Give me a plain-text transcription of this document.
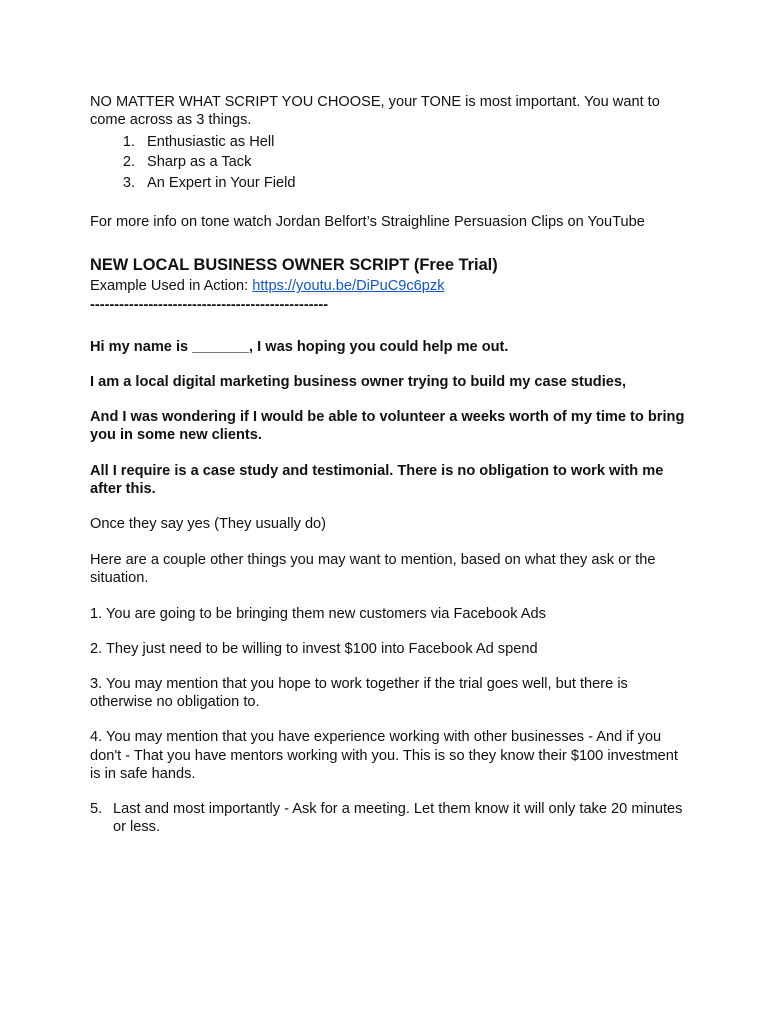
NO MATTER WHAT SCRIPT YOU CHOOSE, your TONE is most important. You want to come across as 3 things.

1. Enthusiastic as Hell
2. Sharp as a Tack
3. An Expert in Your Field

For more info on tone watch Jordan Belfort’s Straighline Persuasion Clips on YouTube

NEW LOCAL BUSINESS OWNER SCRIPT (Free Trial)

Example Used in Action: https://youtu.be/DiPuC9c6pzk

-------------------------------------------------

Hi my name is _______, I was hoping you could help me out.

I am a local digital marketing business owner trying to build my case studies,

And I was wondering if I would be able to volunteer a weeks worth of my time to bring you in some new clients.

All I require is a case study and testimonial. There is no obligation to work with me after this.

Once they say yes (They usually do)

Here are a couple other things you may want to mention, based on what they ask or the situation.

1. You are going to be bringing them new customers via Facebook Ads

2. They just need to be willing to invest $100 into Facebook Ad spend

3. You may mention that you hope to work together if the trial goes well, but there is otherwise no obligation to.

4. You may mention that you have experience working with other businesses - And if you don't - That you have mentors working with you. This is so they know their $100 investment is in safe hands.

5. Last and most importantly - Ask for a meeting. Let them know it will only take 20 minutes or less.
